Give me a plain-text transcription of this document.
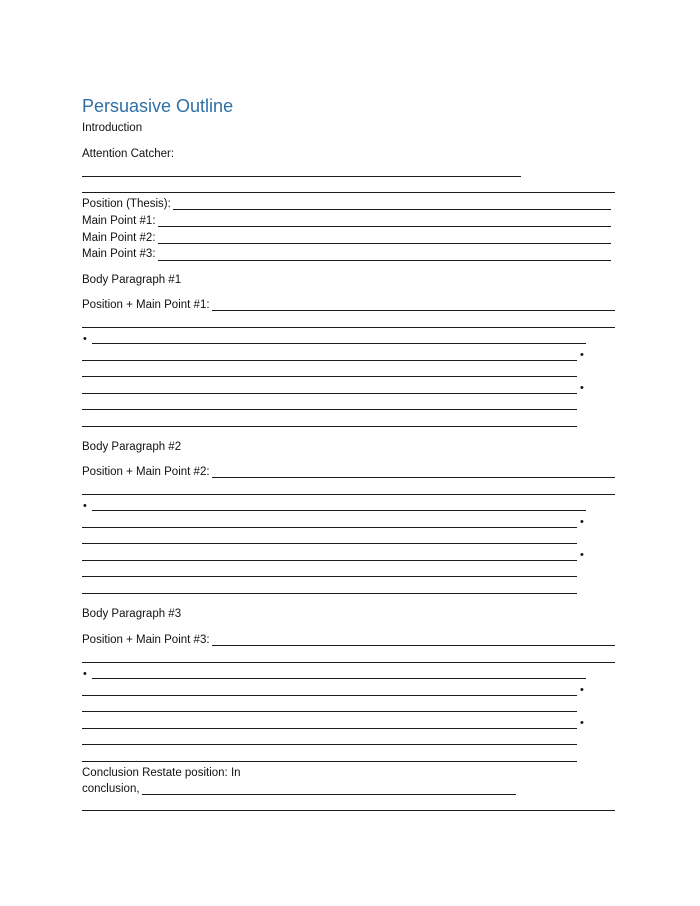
Persuasive Outline
Introduction
Attention Catcher:
Position (Thesis):
Main Point #1:
Main Point #2:
Main Point #3:
Body Paragraph #1
Position + Main Point #1:
•
•
•
Body Paragraph #2
Position + Main Point #2:
•
•
•
Body Paragraph #3
Position + Main Point #3:
•
•
•
Conclusion Restate position: In
conclusion,
